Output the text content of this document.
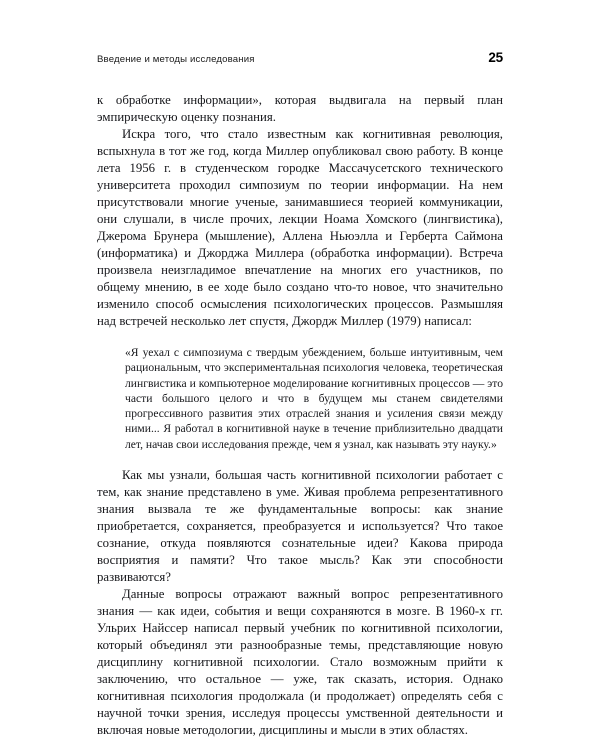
Введение и методы исследования	25

к обработке информации», которая выдвигала на первый план эмпирическую оценку познания.

Искра того, что стало известным как когнитивная революция, вспыхнула в тот же год, когда Миллер опубликовал свою работу. В конце лета 1956 г. в студенческом городке Массачусетского технического университета проходил симпозиум по теории информации. На нем присутствовали многие ученые, занимавшиеся теорией коммуникации, они слушали, в числе прочих, лекции Ноама Хомского (лингвистика), Джерома Брунера (мышление), Аллена Ньюэлла и Герберта Саймона (информатика) и Джорджа Миллера (обработка информации). Встреча произвела неизгладимое впечатление на многих его участников, по общему мнению, в ее ходе было создано что-то новое, что значительно изменило способ осмысления психологических процессов. Размышляя над встречей несколько лет спустя, Джордж Миллер (1979) написал:

«Я уехал с симпозиума с твердым убеждением, больше интуитивным, чем рациональным, что экспериментальная психология человека, теоретическая лингвистика и компьютерное моделирование когнитивных процессов — это части большого целого и что в будущем мы станем свидетелями прогрессивного развития этих отраслей знания и усиления связи между ними... Я работал в когнитивной науке в течение приблизительно двадцати лет, начав свои исследования прежде, чем я узнал, как называть эту науку.»

Как мы узнали, большая часть когнитивной психологии работает с тем, как знание представлено в уме. Живая проблема репрезентативного знания вызвала те же фундаментальные вопросы: как знание приобретается, сохраняется, преобразуется и используется? Что такое сознание, откуда появляются сознательные идеи? Какова природа восприятия и памяти? Что такое мысль? Как эти способности развиваются?

Данные вопросы отражают важный вопрос репрезентативного знания — как идеи, события и вещи сохраняются в мозге. В 1960-х гг. Ульрих Найссер написал первый учебник по когнитивной психологии, который объединял эти разнообразные темы, представляющие новую дисциплину когнитивной психологии. Стало возможным прийти к заключению, что остальное — уже, так сказать, история. Однако когнитивная психология продолжала (и продолжает) определять себя с научной точки зрения, исследуя процессы умственной деятельности и включая новые методологии, дисциплины и мысли в этих областях.
